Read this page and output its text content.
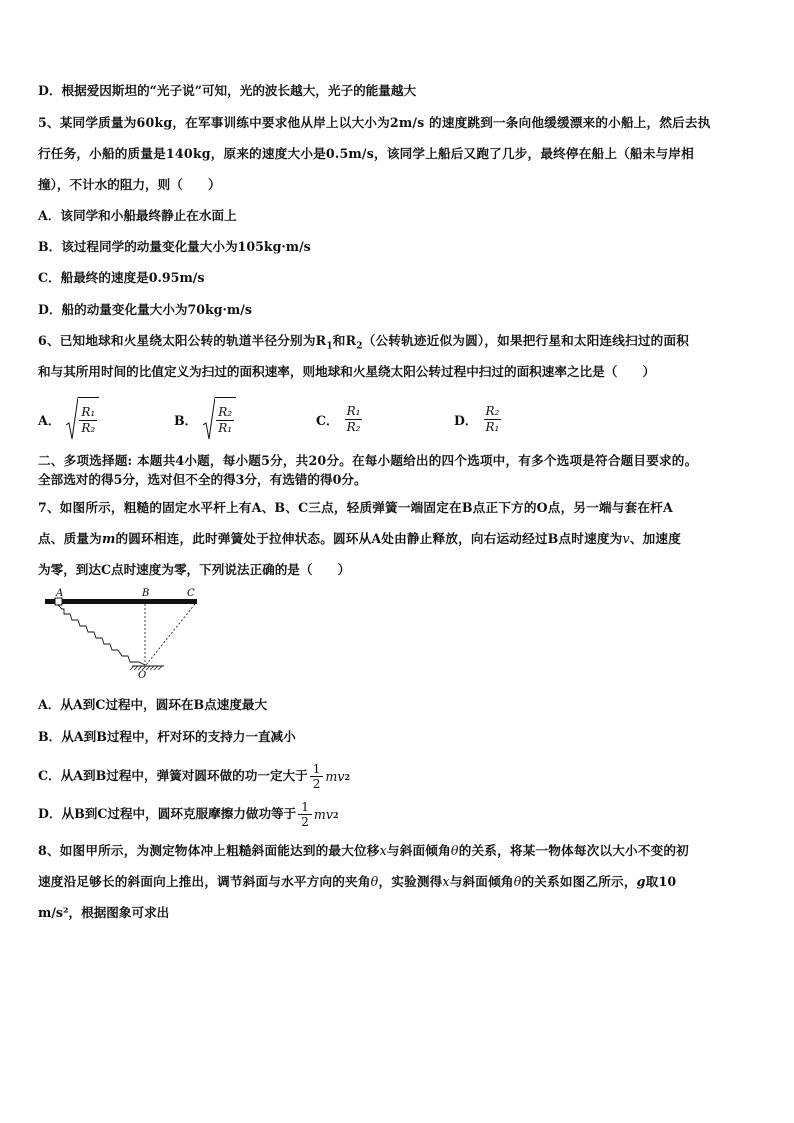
D．根据爱因斯坦的“光子说”可知，光的波长越大，光子的能量越大
5、某同学质量为60kg，在军事训练中要求他从岸上以大小为2m/s 的速度跳到一条向他缓缓漂来的小船上，然后去执
行任务，小船的质量是140kg，原来的速度大小是0.5m/s，该同学上船后又跑了几步，最终停在船上（船未与岸相
撞），不计水的阻力，则（　　）
A．该同学和小船最终静止在水面上
B．该过程同学的动量变化量大小为105kg·m/s
C．船最终的速度是0.95m/s
D．船的动量变化量大小为70kg·m/s
6、已知地球和火星绕太阳公转的轨道半径分别为$R_1$和$R_2$（公转轨迹近似为圆），如果把行星和太阳连线扫过的面积
和与其所用时间的比值定义为扫过的面积速率，则地球和火星绕太阳公转过程中扫过的面积速率之比是（　　）
A． $\frac{\text{R₁}}{\text{R₂}}$	B． $\frac{\text{R₂}}{\text{R₁}}$	C． $\frac{\text{R₁}}{\text{R₂}}$	D． $\frac{\text{R₂}}{\text{R₁}}$
二、多项选择题: 本题共4小题，每小题5分，共20分。在每小题给出的四个选项中，有多个选项是符合题目要求的。
全部选对的得5分，选对但不全的得3分，有选错的得0分。
7、如图所示，粗糙的固定水平杆上有A、B、C三点，轻质弹簧一端固定在B点正下方的O点，另一端与套在杆A
点、质量为m的圆环相连，此时弹簧处于拉伸状态。圆环从A处由静止释放，向右运动经过B点时速度为v、加速度
为零，到达C点时速度为零，下列说法正确的是（　　）
A	B	C
O
A．从A到C过程中，圆环在B点速度最大
B．从A到B过程中，杆对环的支持力一直减小
C．从A到B过程中，弹簧对圆环做的功一定大于 $\frac{1}{2}$ mv 2
D．从B到C过程中，圆环克服摩擦力做功等于 $\frac{1}{2}$ mv 2
8、如图甲所示，为测定物体冲上粗糙斜面能达到的最大位移x与斜面倾角θ的关系，将某一物体每次以大小不变的初
速度沿足够长的斜面向上推出，调节斜面与水平方向的夹角θ，实验测得x与斜面倾角θ的关系如图乙所示，g取10
m/s²，根据图象可求出
